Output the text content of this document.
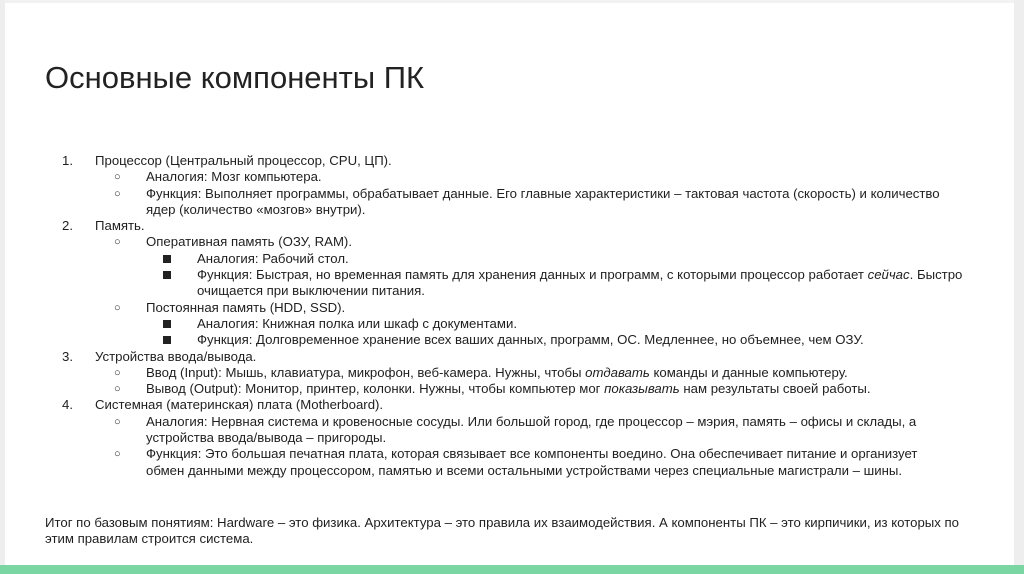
Основные компоненты ПК
1. Процессор (Центральный процессор, CPU, ЦП).
○ Аналогия: Мозг компьютера.
○ Функция: Выполняет программы, обрабатывает данные. Его главные характеристики – тактовая частота (скорость) и количество ядер (количество «мозгов» внутри).
2. Память.
○ Оперативная память (ОЗУ, RAM).
Аналогия: Рабочий стол.
Функция: Быстрая, но временная память для хранения данных и программ, с которыми процессор работает сейчас. Быстро очищается при выключении питания.
○ Постоянная память (HDD, SSD).
Аналогия: Книжная полка или шкаф с документами.
Функция: Долговременное хранение всех ваших данных, программ, ОС. Медленнее, но объемнее, чем ОЗУ.
3. Устройства ввода/вывода.
○ Ввод (Input): Мышь, клавиатура, микрофон, веб-камера. Нужны, чтобы отдавать команды и данные компьютеру.
○ Вывод (Output): Монитор, принтер, колонки. Нужны, чтобы компьютер мог показывать нам результаты своей работы.
4. Системная (материнская) плата (Motherboard).
○ Аналогия: Нервная система и кровеносные сосуды. Или большой город, где процессор – мэрия, память – офисы и склады, а устройства ввода/вывода – пригороды.
○ Функция: Это большая печатная плата, которая связывает все компоненты воедино. Она обеспечивает питание и организует обмен данными между процессором, памятью и всеми остальными устройствами через специальные магистрали – шины.
Итог по базовым понятиям: Hardware – это физика. Архитектура – это правила их взаимодействия. А компоненты ПК – это кирпичики, из которых по этим правилам строится система.
